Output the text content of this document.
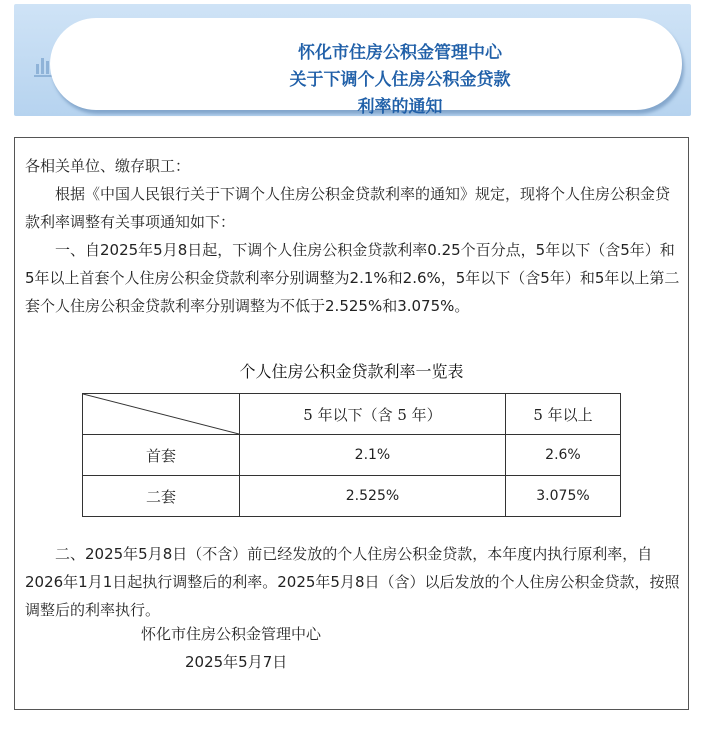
怀化市住房公积金管理中心
关于下调个人住房公积金贷款
利率的通知
各相关单位、缴存职工：
根据《中国人民银行关于下调个人住房公积金贷款利率的通知》规定，现将个人住房公积金贷款利率调整有关事项通知如下：
一、自2025年5月8日起，下调个人住房公积金贷款利率0.25个百分点，5年以下（含5年）和5年以上首套个人住房公积金贷款利率分别调整为2.1%和2.6%，5年以下（含5年）和5年以上第二套个人住房公积金贷款利率分别调整为不低于2.525%和3.075%。
个人住房公积金贷款利率一览表
	5 年以下（含 5 年）	5 年以上
首套	2.1%	2.6%
二套	2.525%	3.075%
二、2025年5月8日（不含）前已经发放的个人住房公积金贷款，本年度内执行原利率，自2026年1月1日起执行调整后的利率。2025年5月8日（含）以后发放的个人住房公积金贷款，按照调整后的利率执行。
怀化市住房公积金管理中心
2025年5月7日
